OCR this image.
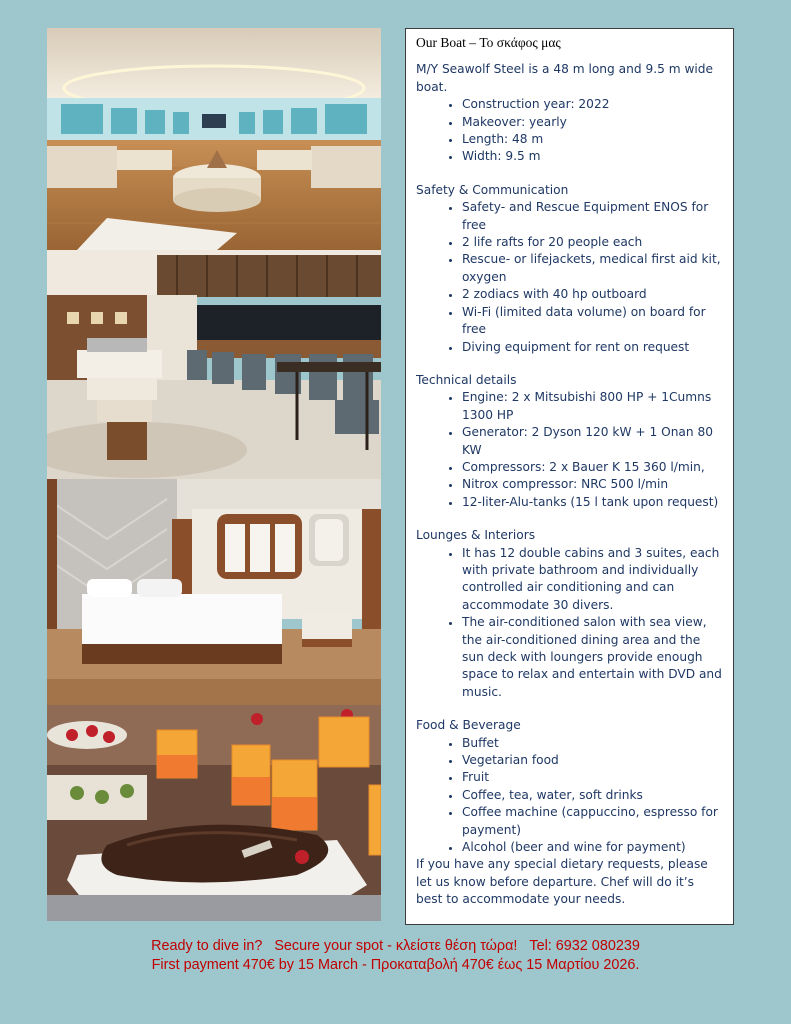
Our Boat – Το σκάφος μας

M/Y Seawolf Steel is a 48 m long and 9.5 m wide boat.

• Construction year: 2022
• Makeover: yearly
• Length: 48 m
• Width: 9.5 m

Safety & Communication

• Safety- and Rescue Equipment ENOS for free
• 2 life rafts for 20 people each
• Rescue- or lifejackets, medical first aid kit, oxygen
• 2 zodiacs with 40 hp outboard
• Wi-Fi (limited data volume) on board for free
• Diving equipment for rent on request

Technical details

• Engine: 2 x Mitsubishi 800 HP + 1Cumns 1300 HP
• Generator: 2 Dyson 120 kW + 1 Onan 80 KW
• Compressors: 2 x Bauer K 15 360 l/min,
• Nitrox compressor: NRC 500 l/min
• 12-liter-Alu-tanks (15 l tank upon request)

Lounges & Interiors

• It has 12 double cabins and 3 suites, each with private bathroom and individually controlled air conditioning and can accommodate 30 divers.
• The air-conditioned salon with sea view, the air-conditioned dining area and the sun deck with loungers provide enough space to relax and entertain with DVD and music.

Food & Beverage

• Buffet
• Vegetarian food
• Fruit
• Coffee, tea, water, soft drinks
• Coffee machine (cappuccino, espresso for payment)
• Alcohol (beer and wine for payment)

If you have any special dietary requests, please let us know before departure. Chef will do it’s best to accommodate your needs.

Ready to dive in?   Secure your spot - κλείστε θέση τώρα!   Tel: 6932 080239
First payment 470€ by 15 March - Προκαταβολή 470€ έως 15 Μαρτίου 2026.
